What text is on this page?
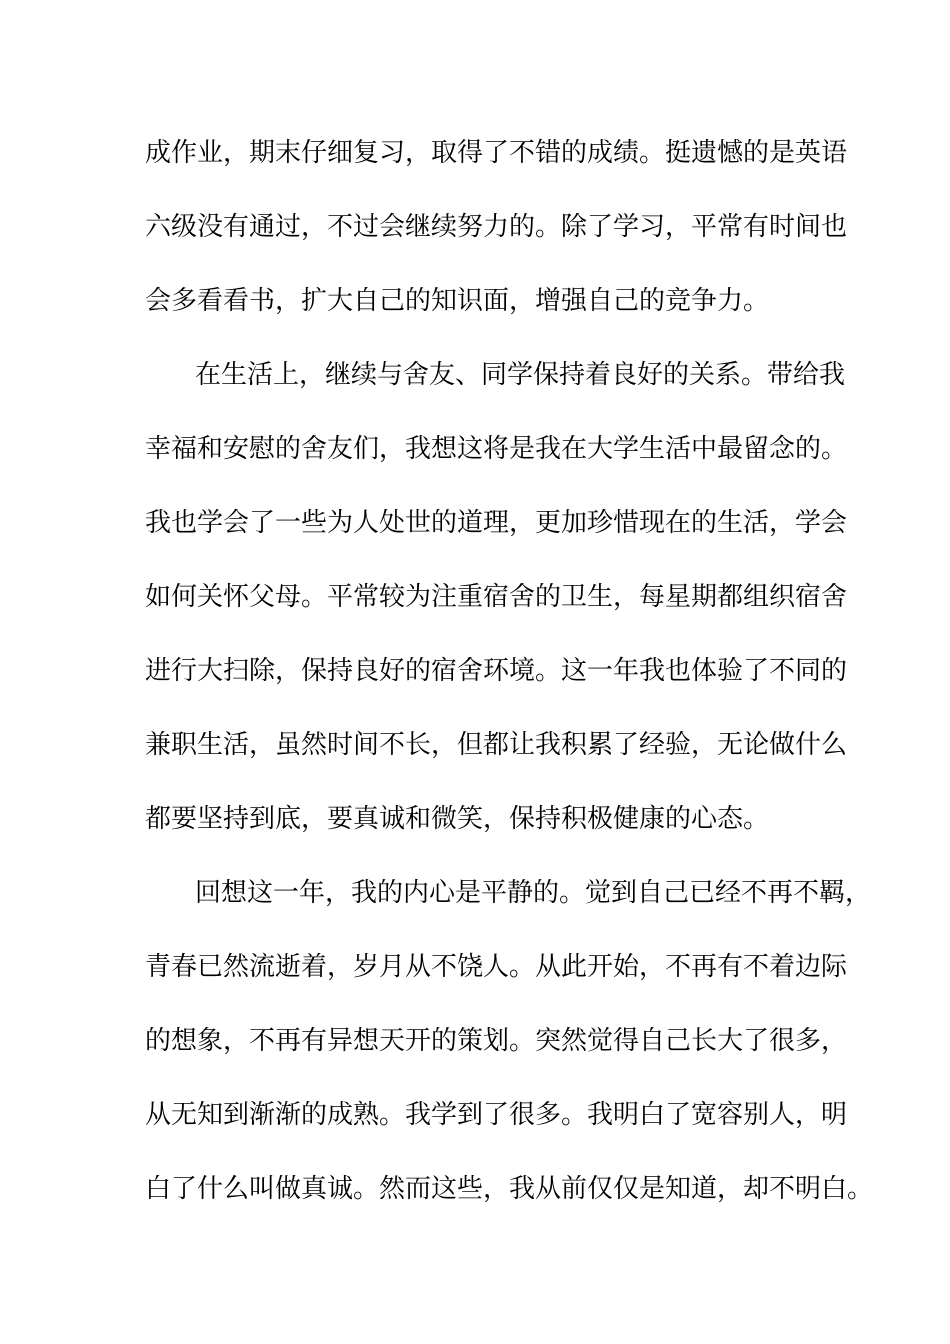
成作业，期末仔细复习，取得了不错的成绩。挺遗憾的是英语
六级没有通过，不过会继续努力的。除了学习，平常有时间也
会多看看书，扩大自己的知识面，增强自己的竞争力。
在生活上，继续与舍友、同学保持着良好的关系。带给我
幸福和安慰的舍友们，我想这将是我在大学生活中最留念的。
我也学会了一些为人处世的道理，更加珍惜现在的生活，学会
如何关怀父母。平常较为注重宿舍的卫生，每星期都组织宿舍
进行大扫除，保持良好的宿舍环境。这一年我也体验了不同的
兼职生活，虽然时间不长，但都让我积累了经验，无论做什么
都要坚持到底，要真诚和微笑，保持积极健康的心态。
回想这一年，我的内心是平静的。觉到自己已经不再不羁，
青春已然流逝着，岁月从不饶人。从此开始，不再有不着边际
的想象，不再有异想天开的策划。突然觉得自己长大了很多，
从无知到渐渐的成熟。我学到了很多。我明白了宽容别人，明
白了什么叫做真诚。然而这些，我从前仅仅是知道，却不明白。
